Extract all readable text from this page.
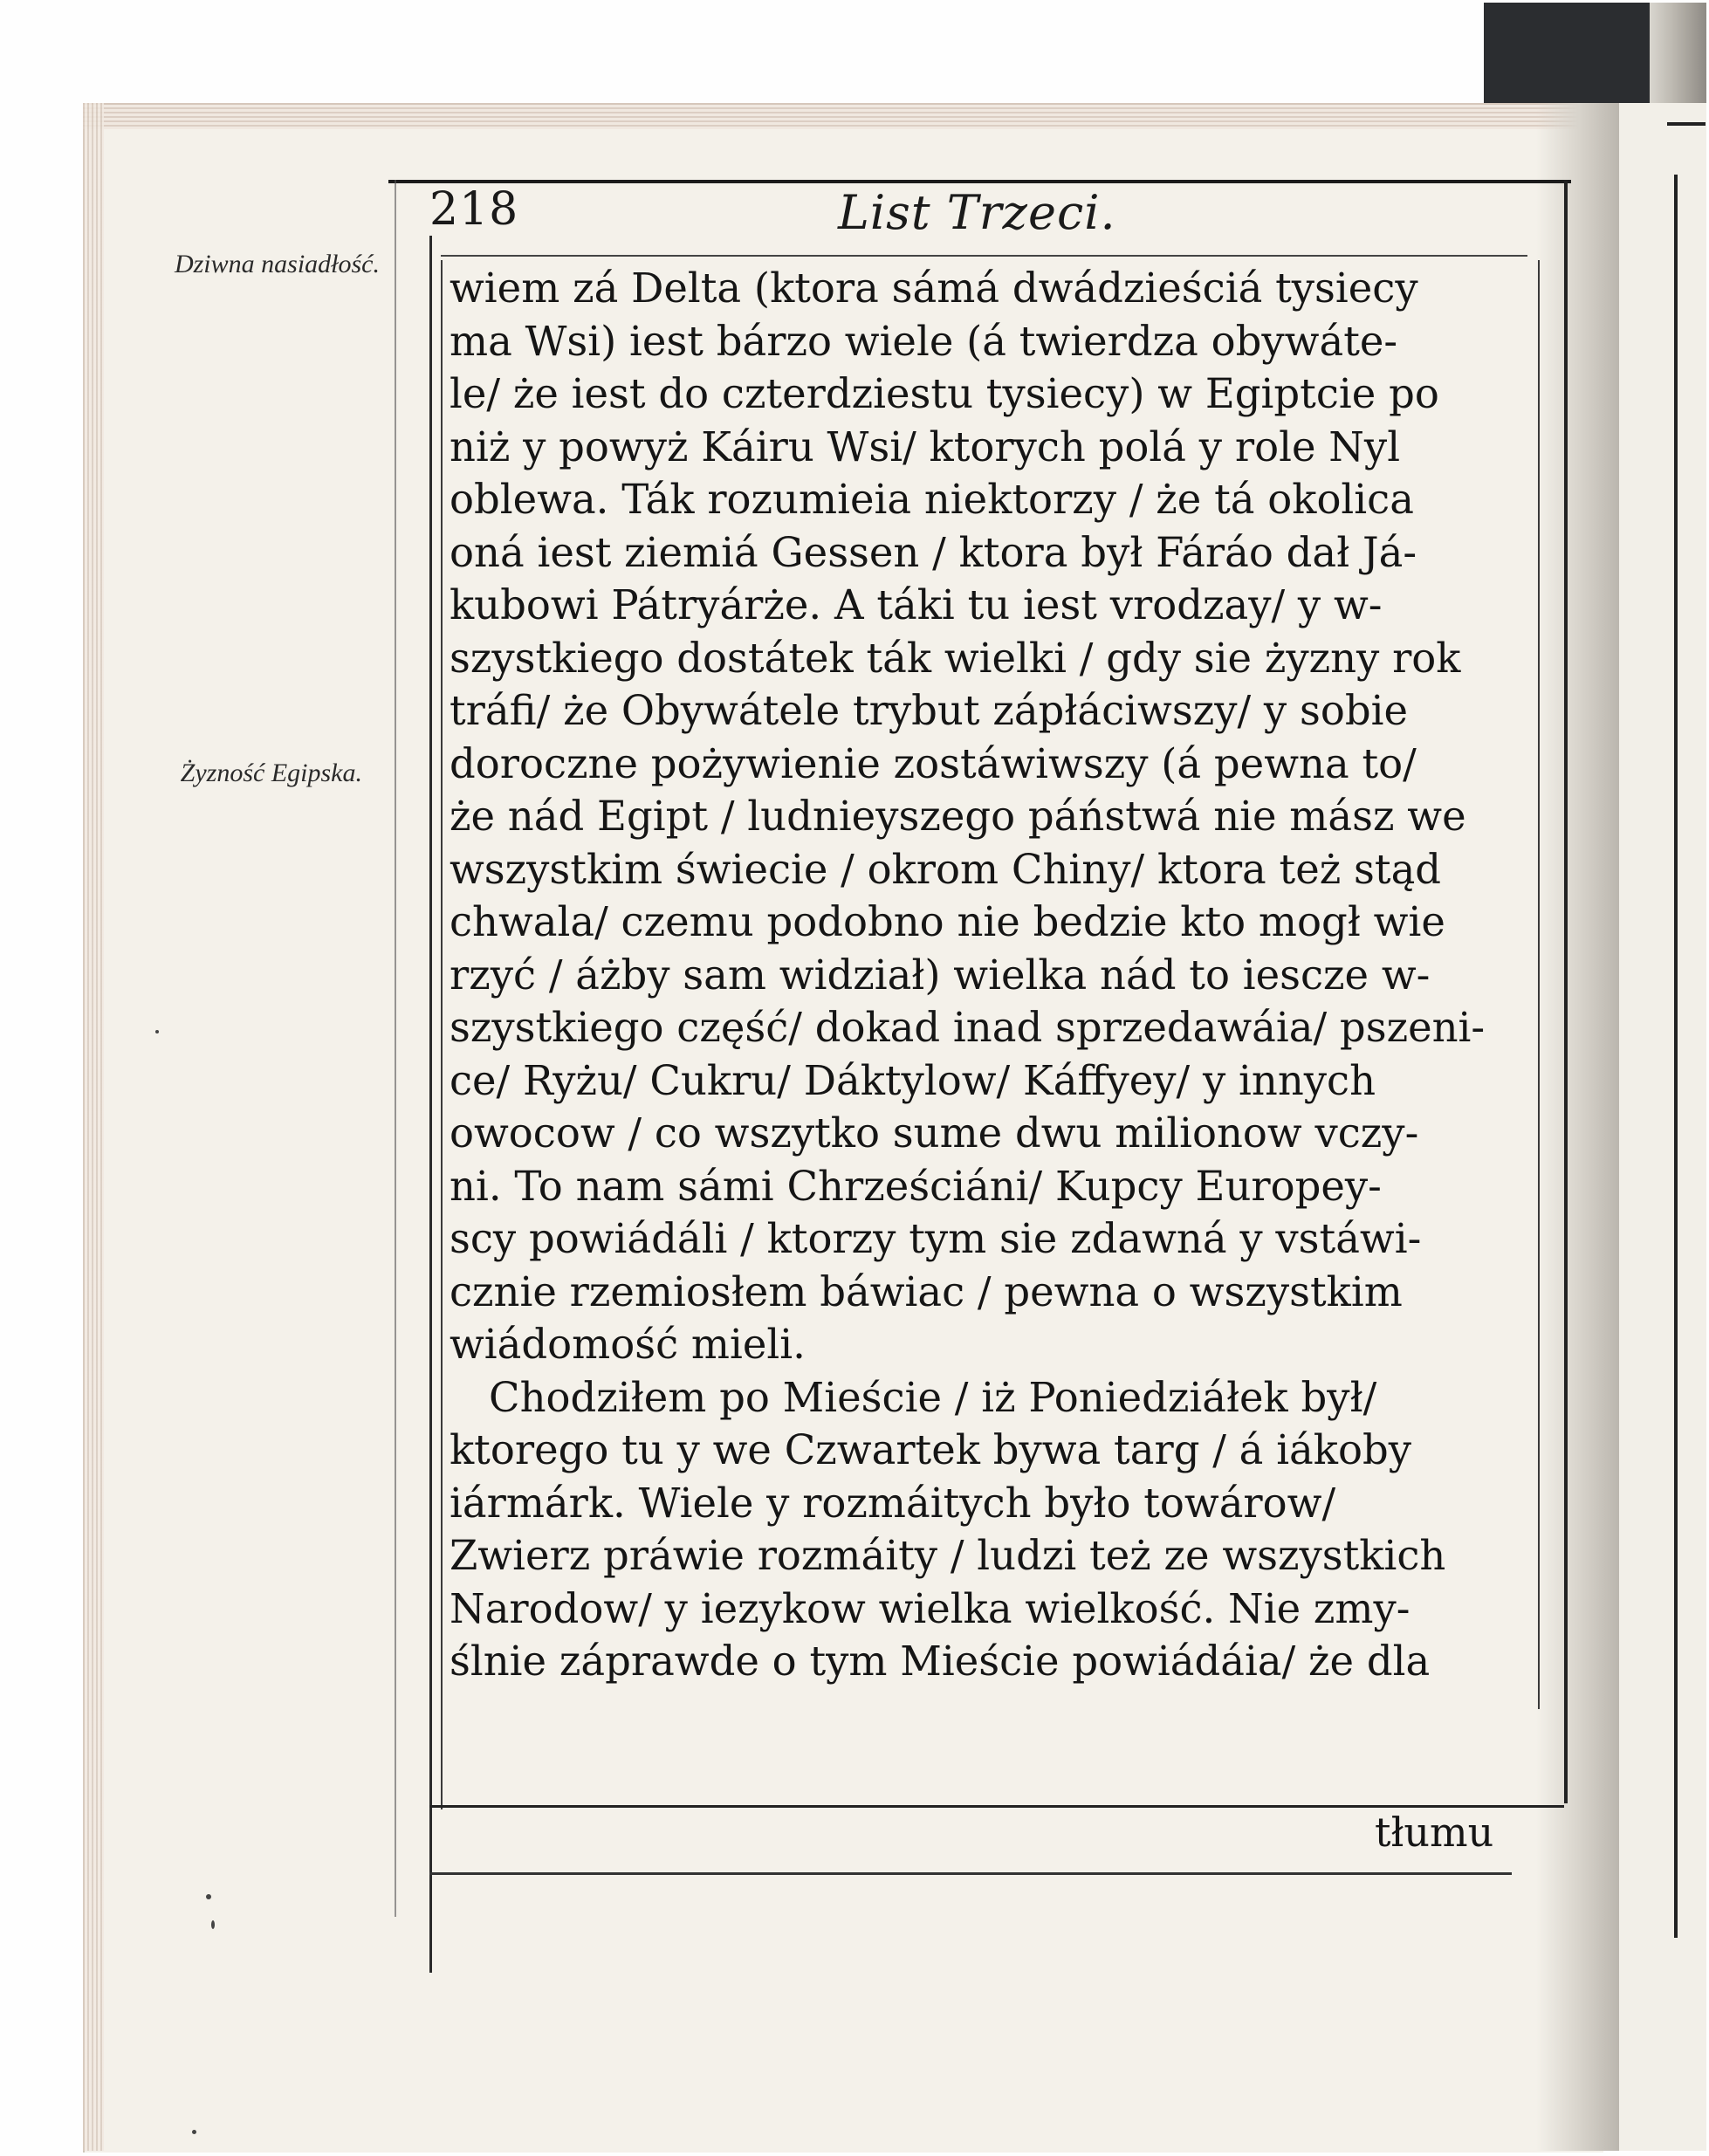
218	List Trzeci.
Dziwna nasiadłość.
Żyzność Egipska.
wiem zá Delta (ktora sámá dwádzieściá tysiecy
ma Wsi) iest bárzo wiele (á twierdza obywáte-
le/ że iest do czterdziestu tysiecy) w Egiptcie po
niż y powyż Káiru Wsi/ ktorych polá y role Nyl
oblewa. Ták rozumieia niektorzy / że tá okolica
oná iest ziemiá Gessen / ktora był Fáráo dał Já-
kubowi Pátryárże. A táki tu iest vrodzay/ y w-
szystkiego dostátek ták wielki / gdy sie żyzny rok
tráfi/ że Obywátele trybut zápłáciwszy/ y sobie
doroczne pożywienie zostáwiwszy (á pewna to/
że nád Egipt / ludnieyszego páństwá nie mász we
wszystkim świecie / okrom Chiny/ ktora też stąd
chwala/ czemu podobno nie bedzie kto mogł wie
rzyć / áżby sam widział) wielka nád to iescze w-
szystkiego część/ dokad inad sprzedawáia/ pszeni-
ce/ Ryżu/ Cukru/ Dáktylow/ Káffyey/ y innych
owocow / co wszytko sume dwu milionow vczy-
ni. To nam sámi Chrześciáni/ Kupcy Europey-
scy powiádáli / ktorzy tym sie zdawná y vstáwi-
cznie rzemiosłem báwiac / pewna o wszystkim
wiádomość mieli.
Chodziłem po Mieście / iż Poniedziáłek był/
ktorego tu y we Czwartek bywa targ / á iákoby
iármárk. Wiele y rozmáitych było towárow/
Zwierz práwie rozmáity / ludzi też ze wszystkich
Narodow/ y iezykow wielka wielkość. Nie zmy-
ślnie záprawde o tym Mieście powiádáia/ że dla
tłumu
